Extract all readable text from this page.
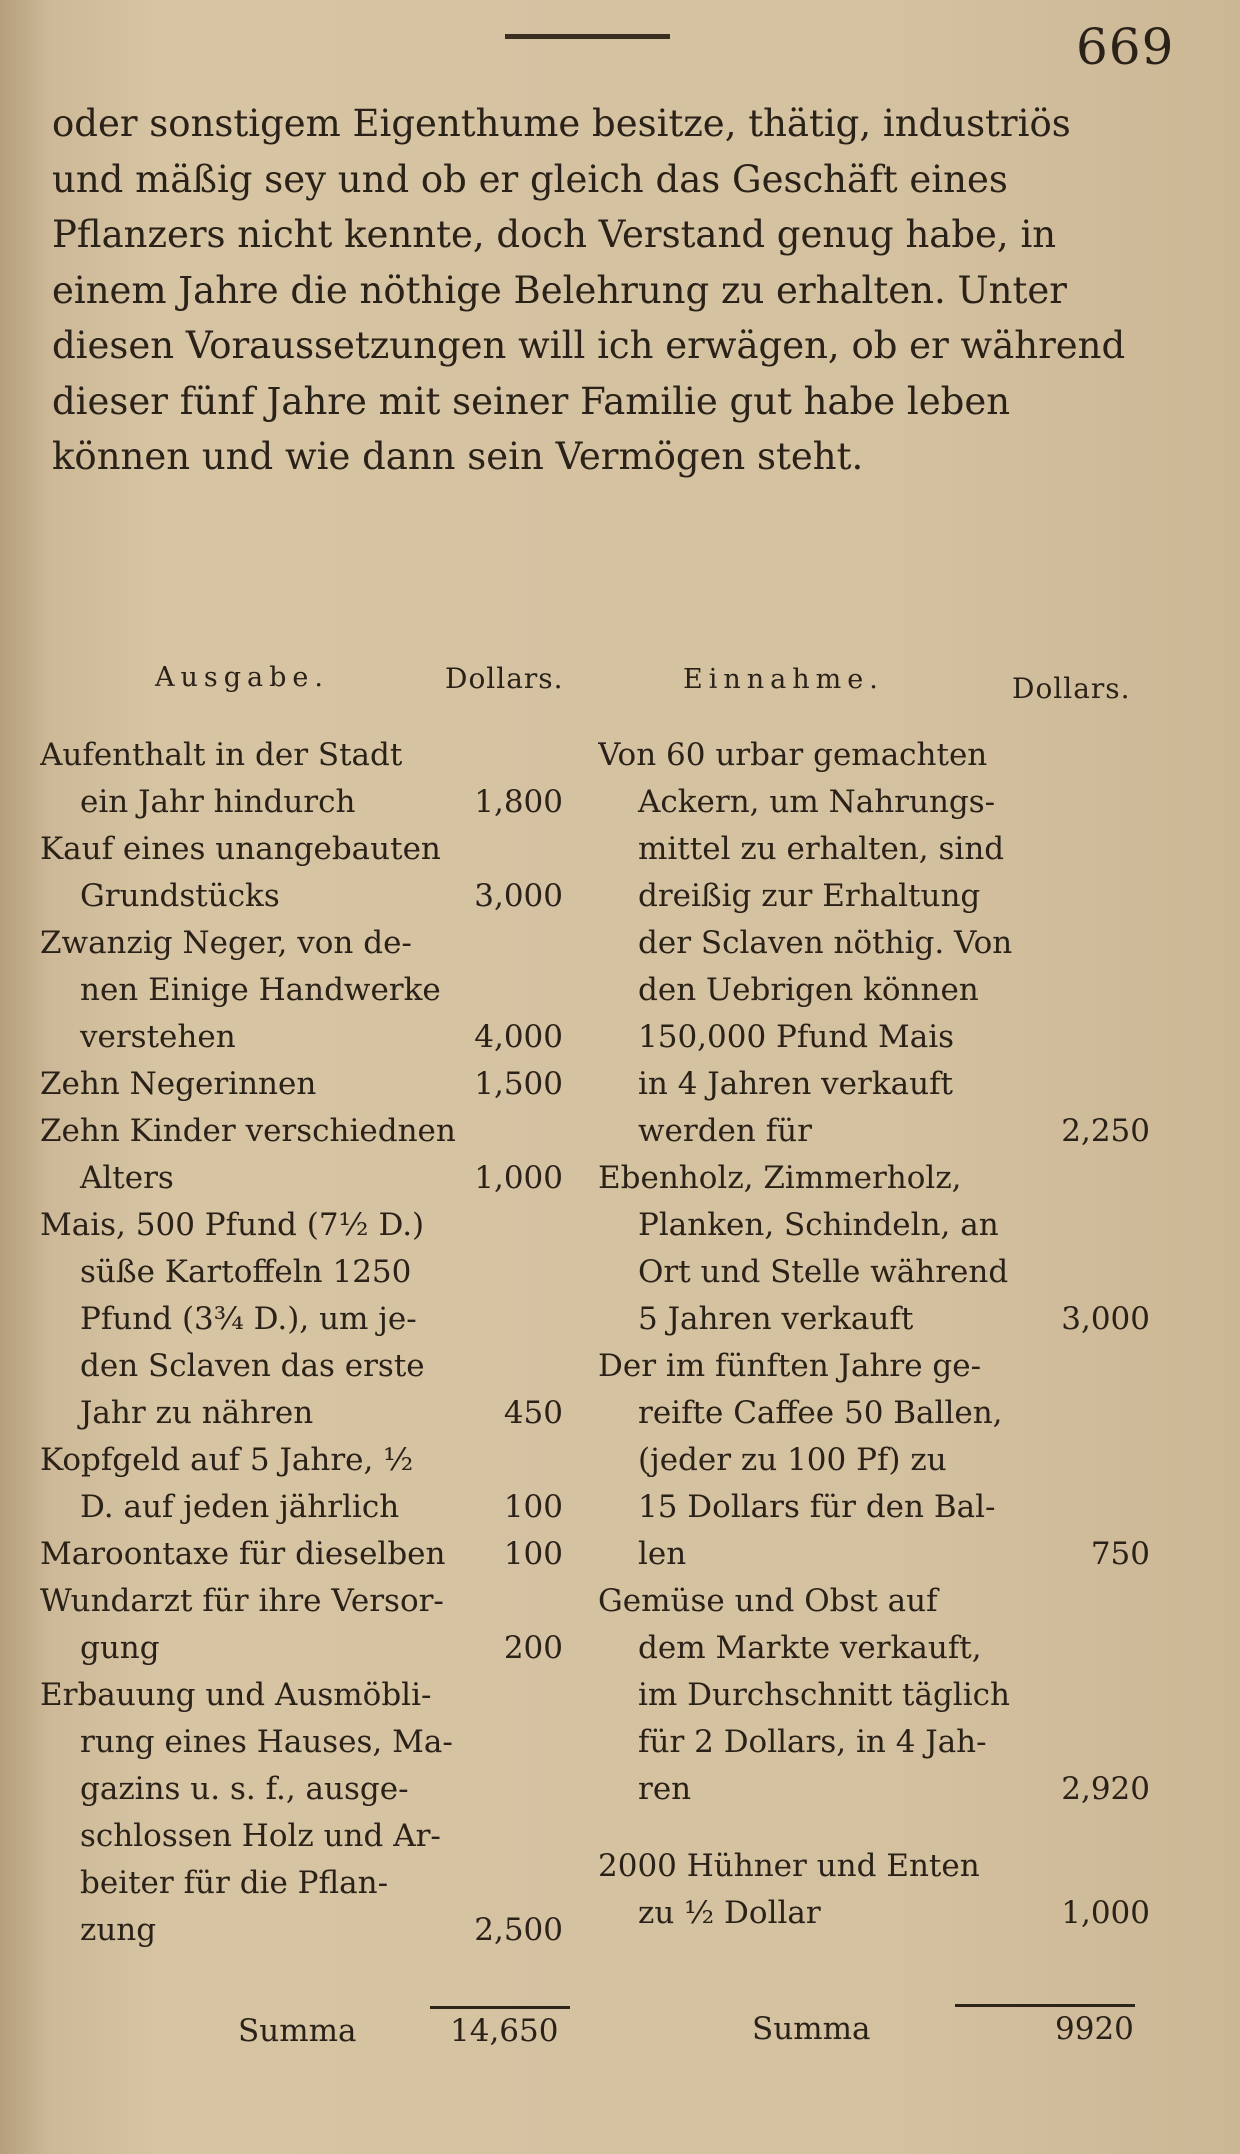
669
oder sonstigem Eigenthume besitze, thätig, industriös
und mäßig sey und ob er gleich das Geschäft eines
Pflanzers nicht kennte, doch Verstand genug habe, in
einem Jahre die nöthige Belehrung zu erhalten. Unter
diesen Voraussetzungen will ich erwägen, ob er während
dieser fünf Jahre mit seiner Familie gut habe leben
können und wie dann sein Vermögen steht.
Ausgabe.	Dollars.	Einnahme.	Dollars.
Aufenthalt in der Stadt
ein Jahr hindurch	1,800
Kauf eines unangebauten
Grundstücks	3,000
Zwanzig Neger, von de-
nen Einige Handwerke
verstehen	4,000
Zehn Negerinnen	1,500
Zehn Kinder verschiednen
Alters	1,000
Mais, 500 Pfund (7½ D.)
süße Kartoffeln 1250
Pfund (3¾ D.), um je-
den Sclaven das erste
Jahr zu nähren	450
Kopfgeld auf 5 Jahre, ½
D. auf jeden jährlich	100
Maroontaxe für dieselben	100
Wundarzt für ihre Versor-
gung	200
Erbauung und Ausmöbli-
rung eines Hauses, Ma-
gazins u. s. f., ausge-
schlossen Holz und Ar-
beiter für die Pflan-
zung	2,500
Von 60 urbar gemachten
Ackern, um Nahrungs-
mittel zu erhalten, sind
dreißig zur Erhaltung
der Sclaven nöthig. Von
den Uebrigen können
150,000 Pfund Mais
in 4 Jahren verkauft
werden für	2,250
Ebenholz, Zimmerholz,
Planken, Schindeln, an
Ort und Stelle während
5 Jahren verkauft	3,000
Der im fünften Jahre ge-
reifte Caffee 50 Ballen,
(jeder zu 100 Pf) zu
15 Dollars für den Bal-
len	750
Gemüse und Obst auf
dem Markte verkauft,
im Durchschnitt täglich
für 2 Dollars, in 4 Jah-
ren	2,920
2000 Hühner und Enten
zu ½ Dollar	1,000
Summa	14,650	Summa	9920
